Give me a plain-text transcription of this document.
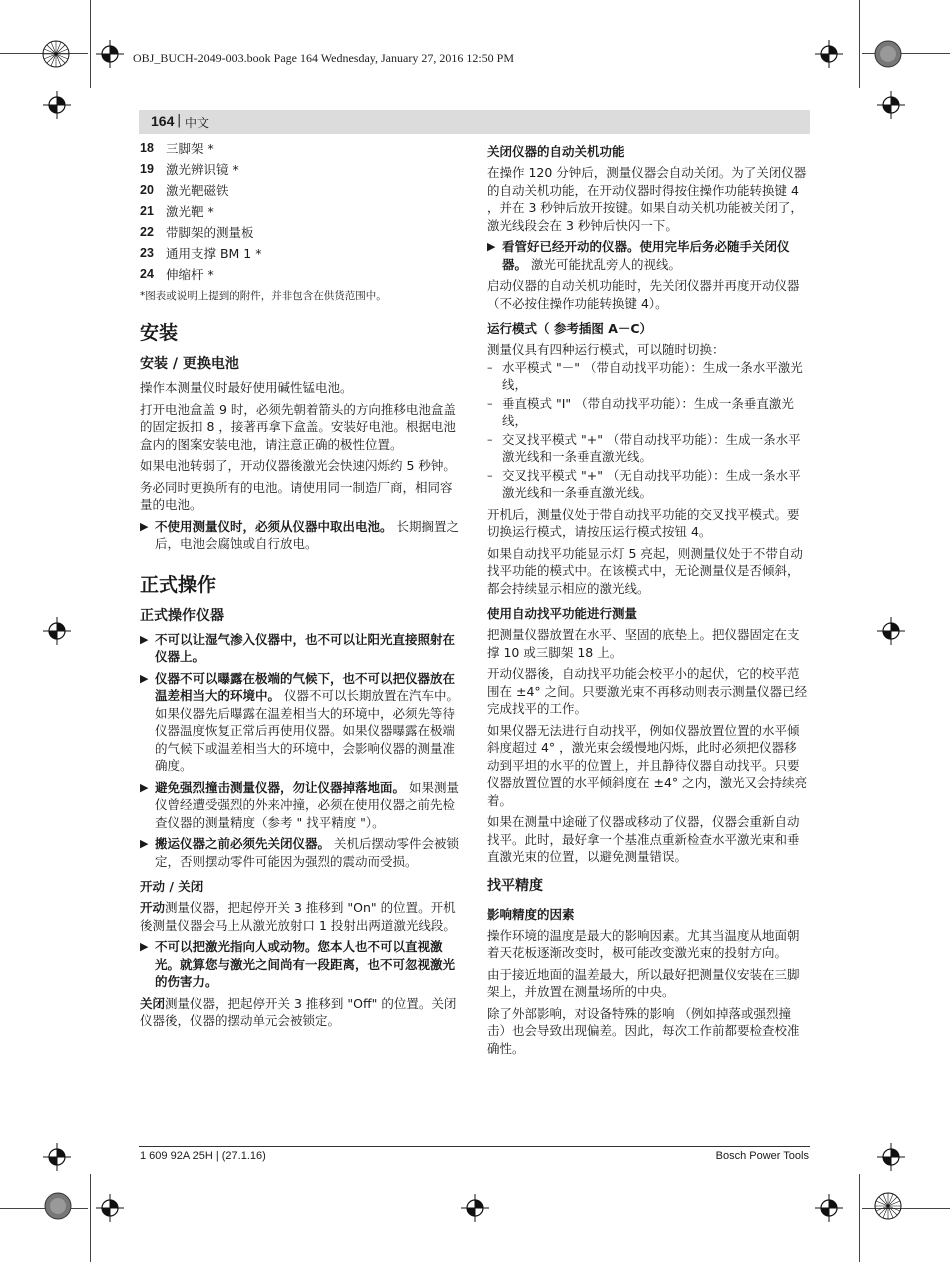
OBJ_BUCH-2049-003.book Page 164 Wednesday, January 27, 2016 12:50 PM
164 | 中文
18 三脚架 *
19 激光辨识镜 *
20 激光靶磁铁
21 激光靶 *
22 带脚架的测量板
23 通用支撑 BM 1 *
24 伸缩杆 *
*图表或说明上提到的附件，并非包含在供货范围中。
安装
安装 / 更换电池

操作本测量仪时最好使用碱性锰电池。

打开电池盒盖 9 时，必须先朝着箭头的方向推移电池盒盖的固定扳扣 8 ，接著再拿下盒盖。安装好电池。根据电池盒内的图案安装电池，请注意正确的极性位置。

如果电池转弱了，开动仪器後激光会快速闪烁约 5 秒钟。

务必同时更换所有的电池。请使用同一制造厂商，相同容量的电池。

▶ 不使用测量仪时，必须从仪器中取出电池。 长期搁置之后，电池会腐蚀或自行放电。
正式操作
正式操作仪器
▶ 不可以让湿气渗入仪器中，也不可以让阳光直接照射在仪器上。
▶ 仪器不可以曝露在极端的气候下，也不可以把仪器放在温差相当大的环境中。 仪器不可以长期放置在汽车中。如果仪器先后曝露在温差相当大的环境中，必须先等待仪器温度恢复正常后再使用仪器。如果仪器曝露在极端的气候下或温差相当大的环境中，会影响仪器的测量准确度。
▶ 避免强烈撞击测量仪器，勿让仪器掉落地面。 如果测量仪曾经遭受强烈的外来冲撞，必须在使用仪器之前先检查仪器的测量精度（参考 " 找平精度 "）。
▶ 搬运仪器之前必须先关闭仪器。 关机后摆动零件会被锁定，否则摆动零件可能因为强烈的震动而受损。
开动 / 关闭

开动测量仪器，把起停开关 3 推移到 "On" 的位置。开机後测量仪器会马上从激光放射口 1 投射出两道激光线段。

▶ 不可以把激光指向人或动物。您本人也不可以直视激光。就算您与激光之间尚有一段距离，也不可忽视激光的伤害力。

关闭测量仪器，把起停开关 3 推移到 "Off" 的位置。关闭仪器後，仪器的摆动单元会被锁定。

关闭仪器的自动关机功能

在操作 120 分钟后，测量仪器会自动关闭。为了关闭仪器的自动关机功能，在开动仪器时得按住操作功能转换键 4 ，并在 3 秒钟后放开按键。如果自动关机功能被关闭了，激光线段会在 3 秒钟后快闪一下。

▶ 看管好已经开动的仪器。使用完毕后务必随手关闭仪器。 激光可能扰乱旁人的视线。

启动仪器的自动关机功能时，先关闭仪器并再度开动仪器 （不必按住操作功能转换键 4）。

运行模式（ 参考插图 A－C）

测量仪具有四种运行模式，可以随时切换：

– 水平模式 "－" （带自动找平功能）：生成一条水平激光线，
– 垂直模式 "I" （带自动找平功能）：生成一条垂直激光线，
– 交叉找平模式 "+" （带自动找平功能）：生成一条水平激光线和一条垂直激光线。
– 交叉找平模式 "+" （无自动找平功能）：生成一条水平激光线和一条垂直激光线。

开机后，测量仪处于带自动找平功能的交叉找平模式。要切换运行模式，请按压运行模式按钮 4。

如果自动找平功能显示灯 5 亮起，则测量仪处于不带自动找平功能的模式中。在该模式中，无论测量仪是否倾斜，都会持续显示相应的激光线。

使用自动找平功能进行测量

把测量仪器放置在水平、坚固的底垫上。把仪器固定在支撑 10 或三脚架 18 上。

开动仪器後，自动找平功能会校平小的起伏，它的校平范围在 ±4° 之间。只要激光束不再移动则表示测量仪器已经完成找平的工作。

如果仪器无法进行自动找平，例如仪器放置位置的水平倾斜度超过 4° ，激光束会缓慢地闪烁，此时必须把仪器移动到平坦的水平的位置上，并且静待仪器自动找平。只要仪器放置位置的水平倾斜度在 ±4° 之内，激光又会持续亮着。

如果在测量中途碰了仪器或移动了仪器，仪器会重新自动找平。此时，最好拿一个基准点重新检查水平激光束和垂直激光束的位置，以避免测量错误。

找平精度
影响精度的因素

操作环境的温度是最大的影响因素。尤其当温度从地面朝着天花板逐渐改变时，极可能改变激光束的投射方向。

由于接近地面的温差最大，所以最好把测量仪安装在三脚架上，并放置在测量场所的中央。

除了外部影响，对设备特殊的影响 （例如掉落或强烈撞击）也会导致出现偏差。因此，每次工作前都要检查校准确性。

1 609 92A 25H | (27.1.16)	Bosch Power Tools
